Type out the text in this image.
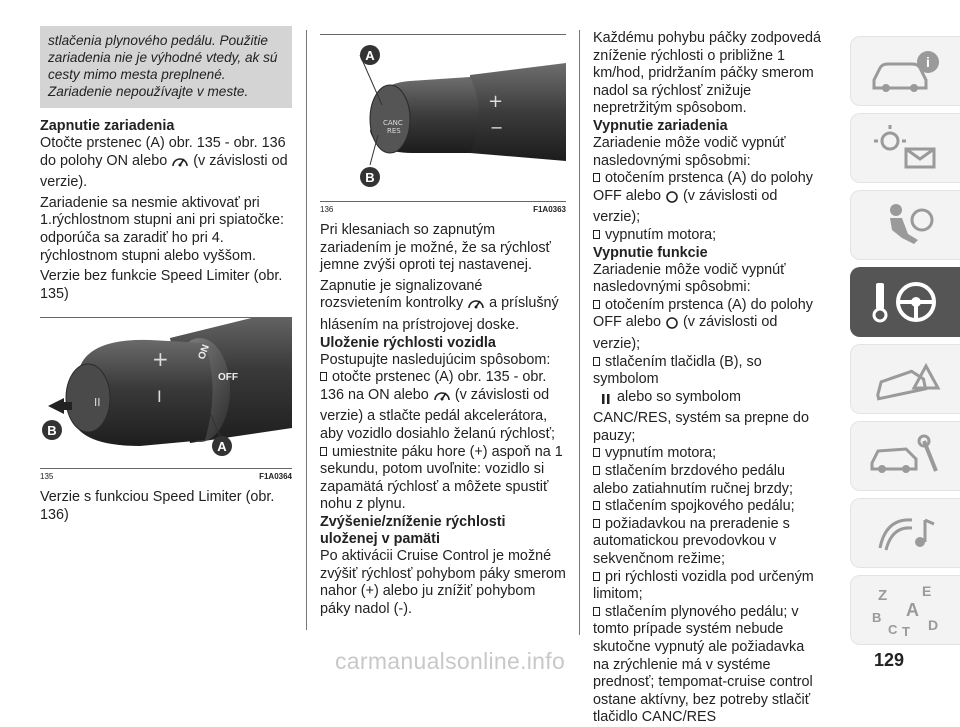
stlačenia plynového pedálu. Použitie zariadenia nie je výhodné vtedy, ak sú cesty mimo mesta preplnené. Zariadenie nepoužívajte v meste.

Zapnutie zariadenia

Otočte prstenec (A) obr. 135 - obr. 136

do polohy ON alebo (v závislosti od verzie).

Zariadenie sa nesmie aktivovať pri 1.rýchlostnom stupni ani pri spiatočke: odporúča sa zaradiť ho pri 4. rýchlostnom stupni alebo vyššom.

Verzie bez funkcie Speed Limiter (obr. 135)

II
+
I
ON
OFF
B
A
135	F1A0364

Verzie s funkciou Speed Limiter (obr. 136)

CANC
RES
+
−
A
B
136	F1A0363

Pri klesaniach so zapnutým zariadením je možné, že sa rýchlosť jemne zvýši oproti tej nastavenej.

Zapnutie je signalizované rozsvietením kontrolky a príslušný hlásením na prístrojovej doske.

Uloženie rýchlosti vozidla

Postupujte nasledujúcim spôsobom:

otočte prstenec (A) obr. 135 - obr. 136 na ON alebo (v závislosti od verzie) a stlačte pedál akcelerátora, aby vozidlo dosiahlo želanú rýchlosť;

umiestnite páku hore (+) aspoň na 1 sekundu, potom uvoľnite: vozidlo si zapamätá rýchlosť a môžete spustiť nohu z plynu.

Zvýšenie/zníženie rýchlosti uloženej v pamäti

Po aktivácii Cruise Control je možné zvýšiť rýchlosť pohybom páky smerom nahor (+) alebo ju znížiť pohybom páky nadol (-).

Každému pohybu páčky zodpovedá zníženie rýchlosti o približne 1 km/hod, pridržaním páčky smerom nadol sa rýchlosť znižuje nepretržitým spôsobom.

Vypnutie zariadenia

Zariadenie môže vodič vypnúť nasledovnými spôsobmi:

otočením prstenca (A) do polohy OFF alebo (v závislosti od verzie);

vypnutím motora;

Vypnutie funkcie

Zariadenie môže vodič vypnúť nasledovnými spôsobmi:

otočením prstenca (A) do polohy OFF alebo (v závislosti od verzie);

stlačením tlačidla (B), so symbolom

alebo so symbolom CANC/RES, systém sa prepne do pauzy;

vypnutím motora;

stlačením brzdového pedálu alebo zatiahnutím ručnej brzdy;

stlačením spojkového pedálu;

požiadavkou na preradenie s automatickou prevodovkou v sekvenčnom režime;

pri rýchlosti vozidla pod určeným limitom;

stlačením plynového pedálu; v tomto prípade systém nebude skutočne vypnutý ale požiadavka na zrýchlenie má v systéme prednosť; tempomat-cruise control ostane aktívny, bez potreby stlačiť tlačidlo CANC/RES

i
Z E
A
B
C T D
carmanualsonline.info	129
